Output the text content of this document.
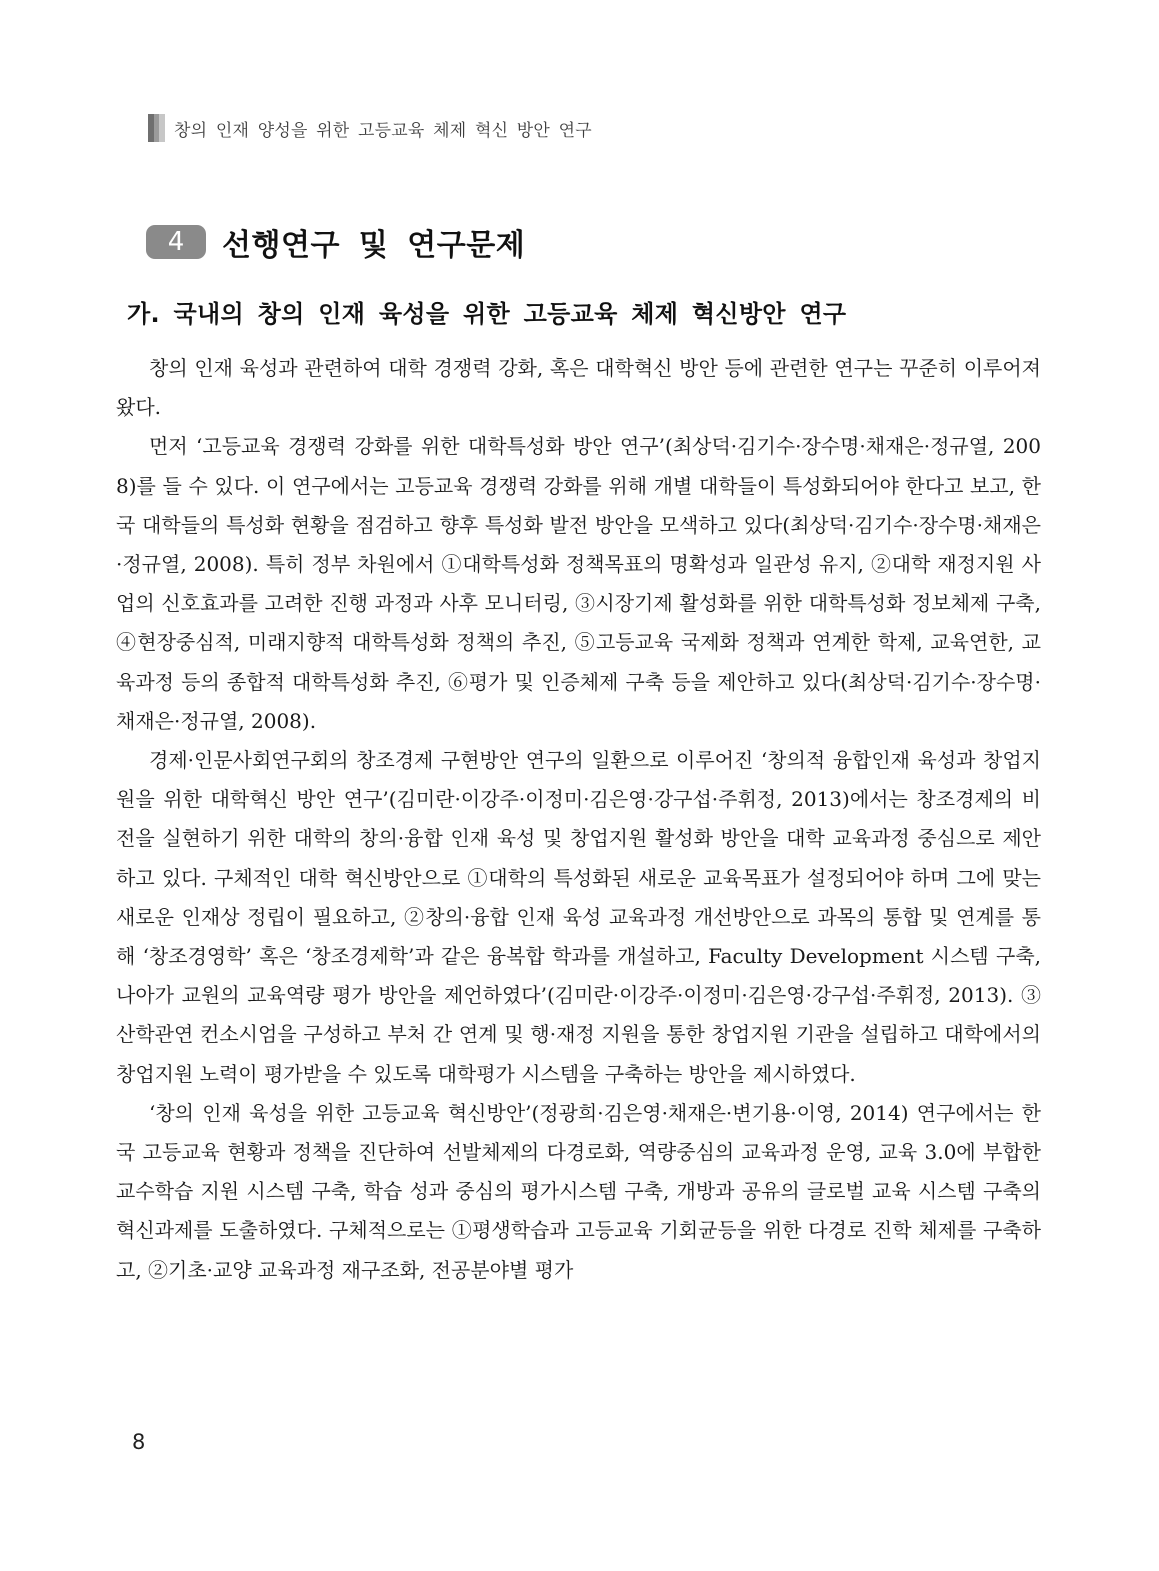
창의 인재 양성을 위한 고등교육 체제 혁신 방안 연구
4	선행연구 및 연구문제
가. 국내의 창의 인재 육성을 위한 고등교육 체제 혁신방안 연구

창의 인재 육성과 관련하여 대학 경쟁력 강화, 혹은 대학혁신 방안 등에 관련한 연구는 꾸준히 이루어져 왔다.

먼저 ‘고등교육 경쟁력 강화를 위한 대학특성화 방안 연구’(최상덕·김기수·장수명·채재은·정규열, 2008)를 들 수 있다. 이 연구에서는 고등교육 경쟁력 강화를 위해 개별 대학들이 특성화되어야 한다고 보고, 한국 대학들의 특성화 현황을 점검하고 향후 특성화 발전 방안을 모색하고 있다(최상덕·김기수·장수명·채재은·정규열, 2008). 특히 정부 차원에서 ①대학특성화 정책목표의 명확성과 일관성 유지, ②대학 재정지원 사업의 신호효과를 고려한 진행 과정과 사후 모니터링, ③시장기제 활성화를 위한 대학특성화 정보체제 구축, ④현장중심적, 미래지향적 대학특성화 정책의 추진, ⑤고등교육 국제화 정책과 연계한 학제, 교육연한, 교육과정 등의 종합적 대학특성화 추진, ⑥평가 및 인증체제 구축 등을 제안하고 있다(최상덕·김기수·장수명·채재은·정규열, 2008).

경제·인문사회연구회의 창조경제 구현방안 연구의 일환으로 이루어진 ‘창의적 융합인재 육성과 창업지원을 위한 대학혁신 방안 연구’(김미란·이강주·이정미·김은영·강구섭·주휘정, 2013)에서는 창조경제의 비전을 실현하기 위한 대학의 창의·융합 인재 육성 및 창업지원 활성화 방안을 대학 교육과정 중심으로 제안하고 있다. 구체적인 대학 혁신방안으로 ①대학의 특성화된 새로운 교육목표가 설정되어야 하며 그에 맞는 새로운 인재상 정립이 필요하고, ②창의·융합 인재 육성 교육과정 개선방안으로 과목의 통합 및 연계를 통해 ‘창조경영학’ 혹은 ‘창조경제학’과 같은 융복합 학과를 개설하고, Faculty Development 시스템 구축, 나아가 교원의 교육역량 평가 방안을 제언하였다’(김미란·이강주·이정미·김은영·강구섭·주휘정, 2013). ③산학관연 컨소시엄을 구성하고 부처 간 연계 및 행·재정 지원을 통한 창업지원 기관을 설립하고 대학에서의 창업지원 노력이 평가받을 수 있도록 대학평가 시스템을 구축하는 방안을 제시하였다.

‘창의 인재 육성을 위한 고등교육 혁신방안’(정광희·김은영·채재은·변기용·이영, 2014) 연구에서는 한국 고등교육 현황과 정책을 진단하여 선발체제의 다경로화, 역량중심의 교육과정 운영, 교육 3.0에 부합한 교수학습 지원 시스템 구축, 학습 성과 중심의 평가시스템 구축, 개방과 공유의 글로벌 교육 시스템 구축의 혁신과제를 도출하였다. 구체적으로는 ①평생학습과 고등교육 기회균등을 위한 다경로 진학 체제를 구축하고, ②기초·교양 교육과정 재구조화, 전공분야별 평가

8
